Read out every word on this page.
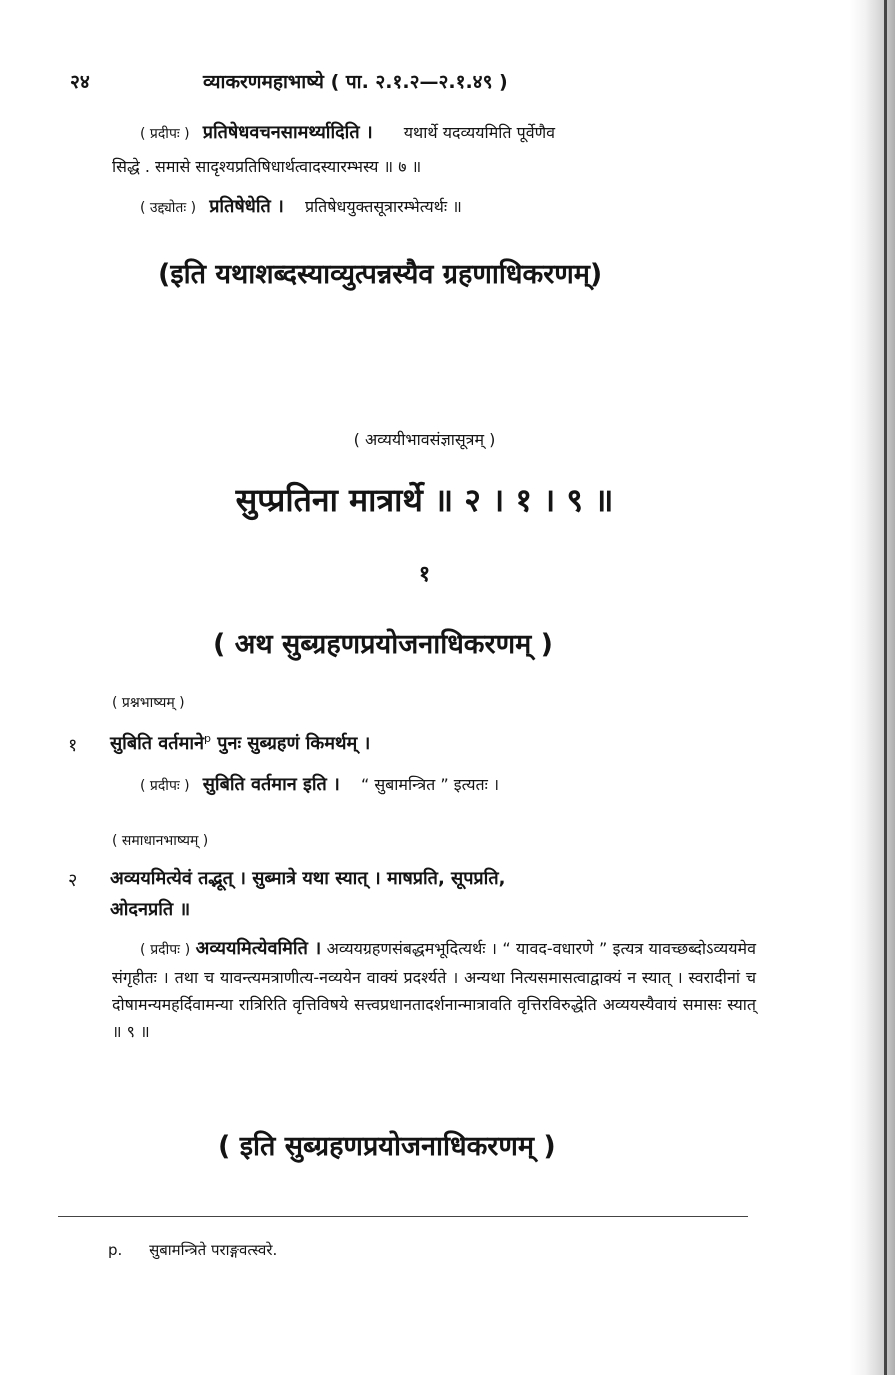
२४	व्याकरणमहाभाष्ये ( पा. २.१.२—२.१.४९ )
( प्रदीपः ) प्रतिषेधवचनसामर्थ्यादिति । यथार्थे यदव्ययमिति पूर्वेणैव
सिद्धे . समासे सादृश्यप्रतिषिधार्थत्वादस्यारम्भस्य ॥ ७ ॥
( उद्द्योतः ) प्रतिषेधेति । प्रतिषेधयुक्तसूत्रारम्भेत्यर्थः ॥
(इति यथाशब्दस्याव्युत्पन्नस्यैव ग्रहणाधिकरणम्)
( अव्ययीभावसंज्ञासूत्रम् )
सुप्प्रतिना मात्रार्थे ॥ २ । १ । ९ ॥
१
( अथ सुब्ग्रहणप्रयोजनाधिकरणम् )
( प्रश्नभाष्यम् )
१ सुबिति वर्तमाने$^p$ पुनः सुब्ग्रहणं किमर्थम् ।
( प्रदीपः ) सुबिति वर्तमान इति । “ सुबामन्त्रित ” इत्यतः ।
( समाधानभाष्यम् )
२ अव्ययमित्येवं तद्भूत् । सुब्मात्रे यथा स्यात् । माषप्रति, सूपप्रति,
ओदनप्रति ॥
( प्रदीपः ) अव्ययमित्येवमिति । अव्ययग्रहणसंबद्धमभूदित्यर्थः । “ यावद-वधारणे ” इत्यत्र यावच्छब्दोऽव्ययमेव संगृहीतः । तथा च यावन्त्यमत्राणीत्य-नव्ययेन वाक्यं प्रदर्श्यते । अन्यथा नित्यसमासत्वाद्वाक्यं न स्यात् । स्वरादीनां च दोषामन्यमहर्दिवामन्या रात्रिरिति वृत्तिविषये सत्त्वप्रधानतादर्शनान्मात्रावति वृत्तिरविरुद्धेति अव्ययस्यैवायं समासः स्यात् ॥ ९ ॥
( इति सुब्ग्रहणप्रयोजनाधिकरणम् )
p. सुबामन्त्रिते पराङ्गवत्स्वरे.
